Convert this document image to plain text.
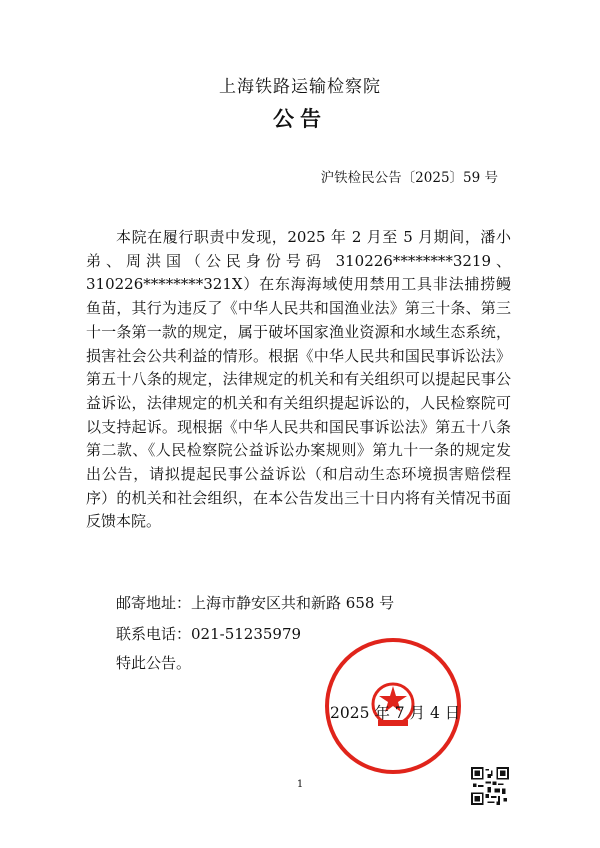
上海铁路运输检察院
公告
沪铁检民公告〔2025〕59 号

本院在履行职责中发现，2025 年 2 月至 5 月期间，潘小弟、周洪国（公民身份号码 310226********3219、310226********321X）在东海海域使用禁用工具非法捕捞鳗鱼苗，其行为违反了《中华人民共和国渔业法》第三十条、第三十一条第一款的规定，属于破坏国家渔业资源和水域生态系统，损害社会公共利益的情形。根据《中华人民共和国民事诉讼法》第五十八条的规定，法律规定的机关和有关组织可以提起民事公益诉讼，法律规定的机关和有关组织提起诉讼的，人民检察院可以支持起诉。现根据《中华人民共和国民事诉讼法》第五十八条第二款、《人民检察院公益诉讼办案规则》第九十一条的规定发出公告，请拟提起民事公益诉讼（和启动生态环境损害赔偿程序）的机关和社会组织，在本公告发出三十日内将有关情况书面反馈本院。

邮寄地址：上海市静安区共和新路 658 号
联系电话：021-51235979
特此公告。
2025 年 7 月 4 日
1
